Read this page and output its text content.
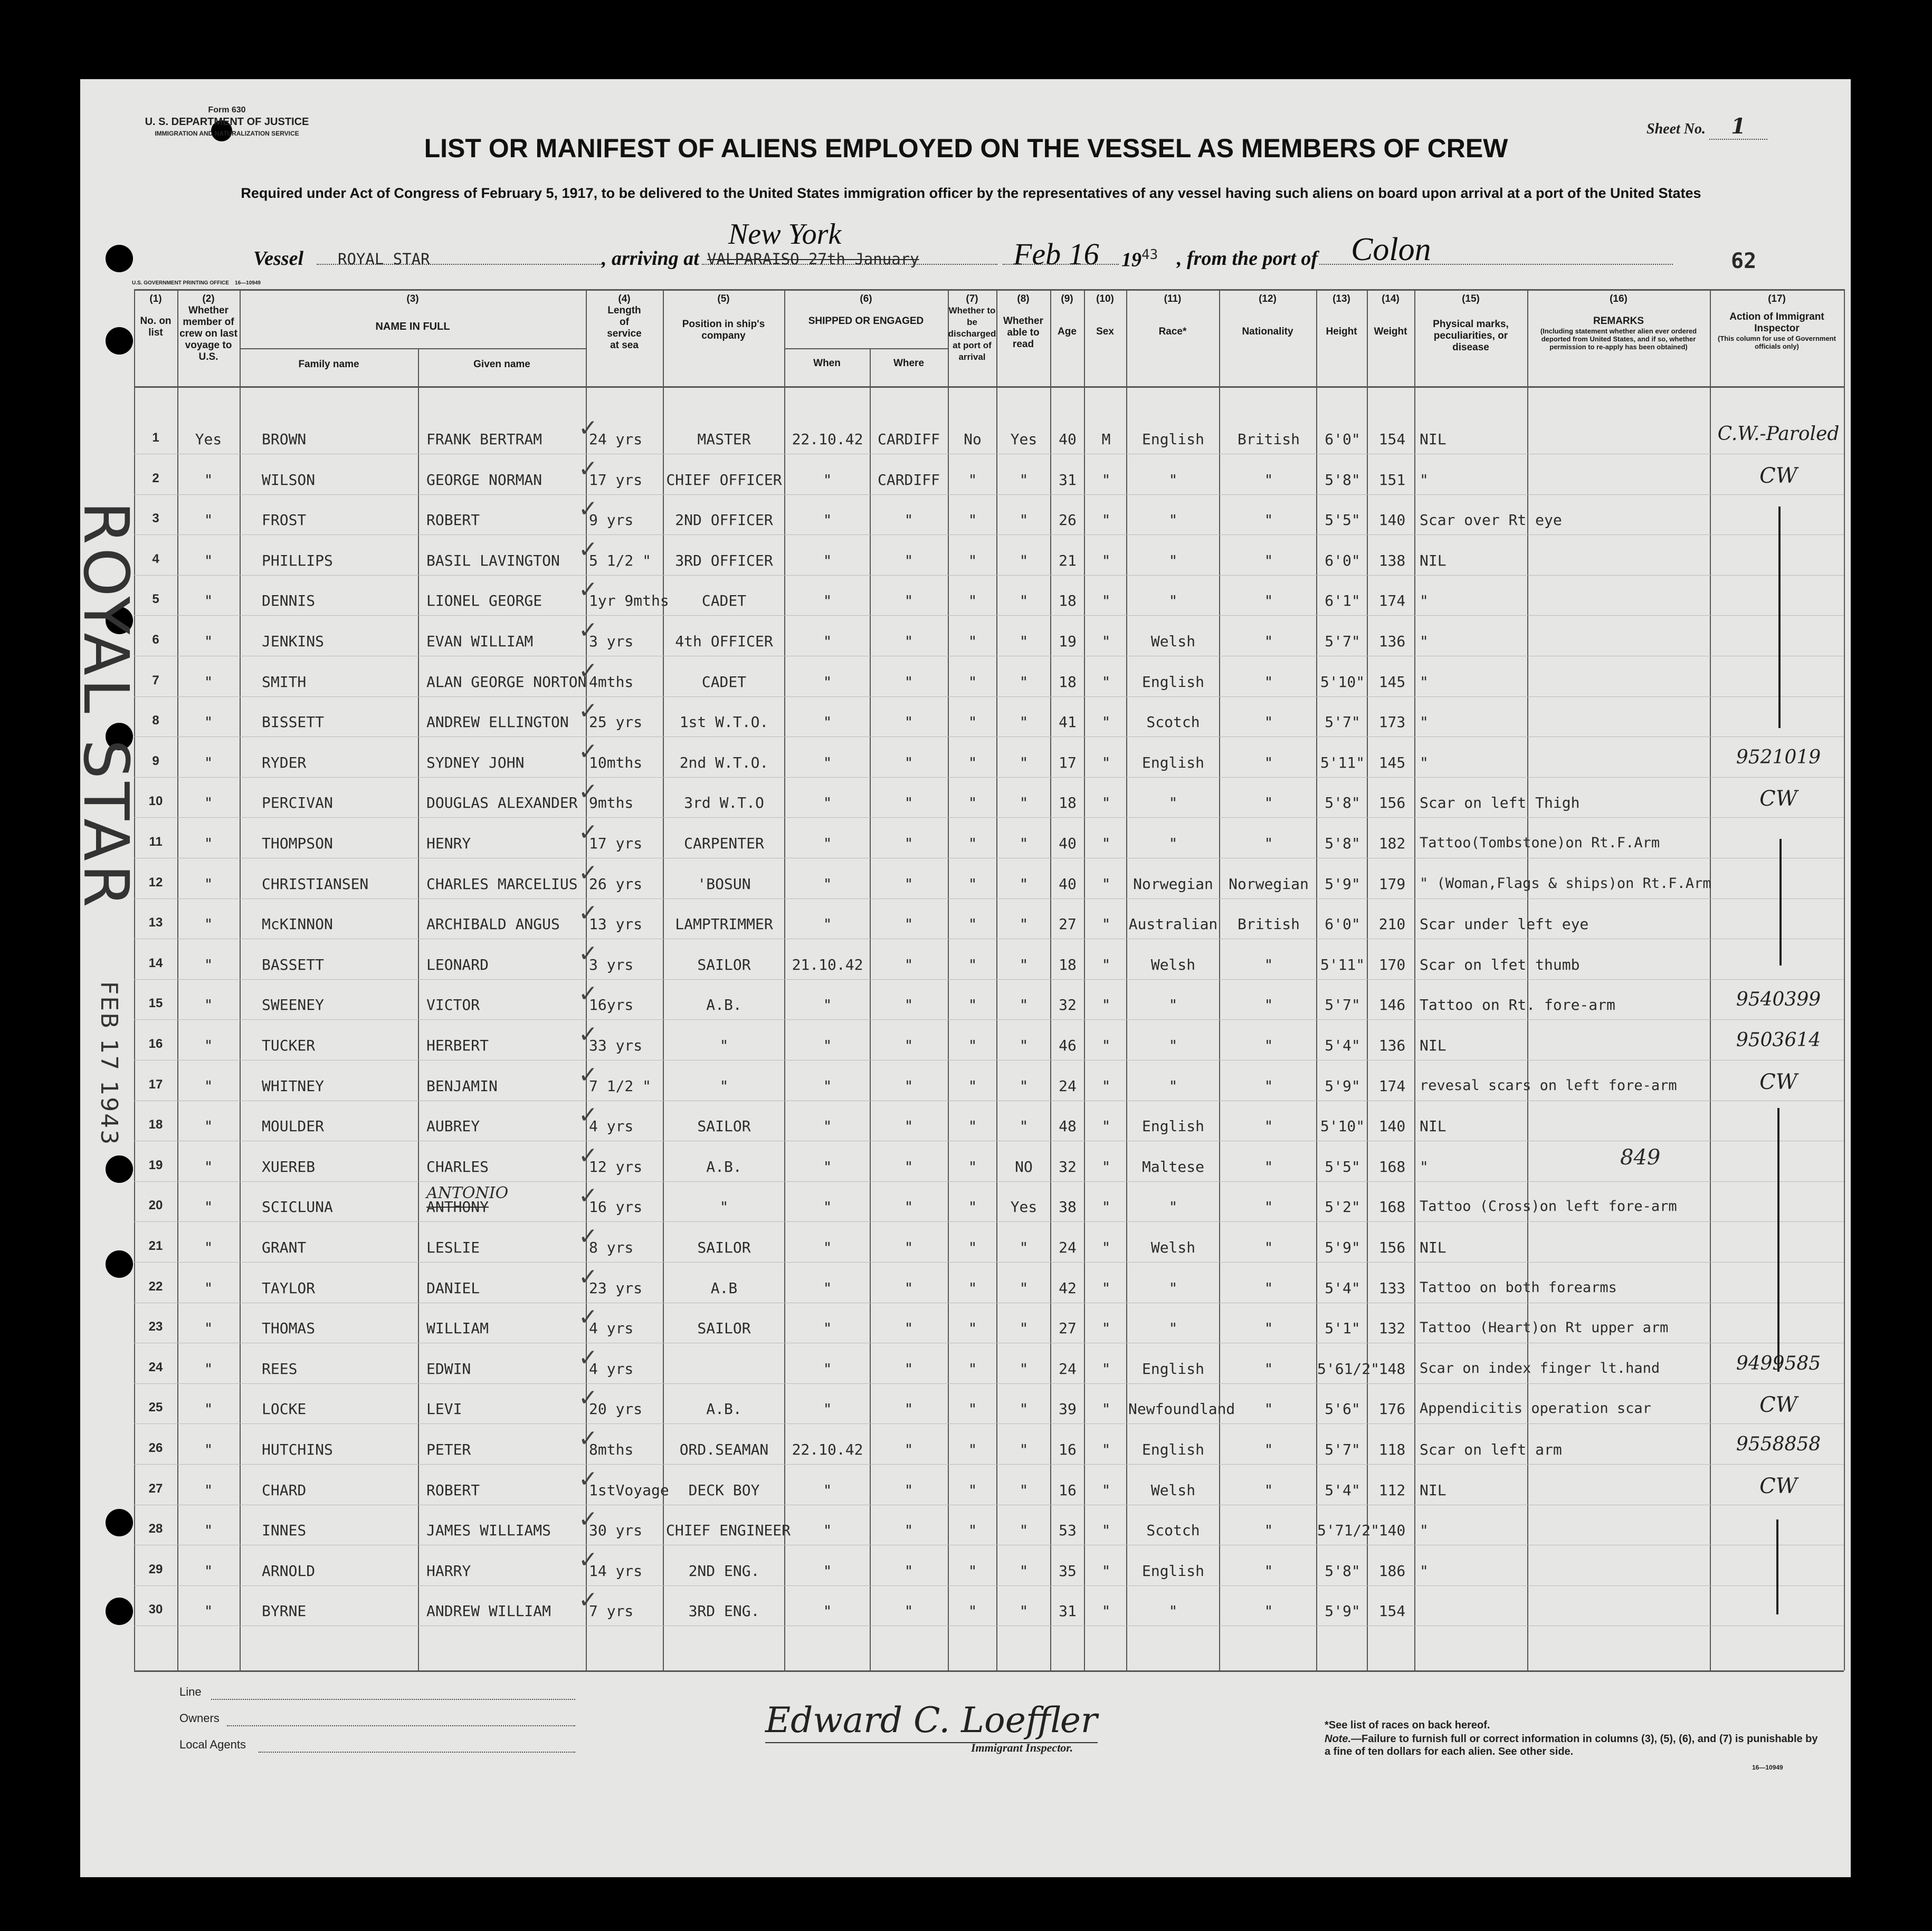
Form 630
U. S. DEPARTMENT OF JUSTICE
IMMIGRATION AND NATURALIZATION SERVICE
U.S. GOVERNMENT PRINTING OFFICE 16—10949
Sheet No. 1
LIST OR MANIFEST OF ALIENS EMPLOYED ON THE VESSEL AS MEMBERS OF CREW
Required under Act of Congress of February 5, 1917, to be delivered to the United States immigration officer by the representatives of any vessel having such aliens on board upon arrival at a port of the United States
Vessel ROYAL STAR	, arriving at VALPARAISO 27th January
New York
Feb 16 $19^{43}$ , from the port of Colon	62
ROYAL STAR
FEB 17 1943
(1)
No. on list
(2)
Whether member of crew on last voyage to U.S.
(3)
NAME IN FULL
Family name	Given name
(4)
Length of service at sea
(5)
Position in ship's company
(6)
SHIPPED OR ENGAGED
When	Where
(7)
Whether to be discharged at port of arrival
(8)
Whether able to read
(9)
Age
(10)
Sex
(11)
Race*
(12)
Nationality
(13)
Height
(14)
Weight
(15)
Physical marks, peculiarities, or disease
(16)
REMARKS
(Including statement whether alien ever ordered deported from United States, and if so, whether permission to re-apply has been obtained)
(17)
Action of Immigrant Inspector
(This column for use of Government officials only)
1	Yes	BROWN	FRANK BERTRAM	24 yrs	MASTER	22.10.42 CARDIFF	No	Yes	40	M	English	British	6'0"	154 NIL	C.W.-Paroled
✓
2	"	WILSON	GEORGE NORMAN	17 yrs CHIEF OFFICER	"	CARDIFF	"	"	31	"	"	"	5'8"	151 "	CW
✓
3	"	FROST	ROBERT	9 yrs	2ND OFFICER	"	"	"	"	26	"	"	"	5'5"	140 Scar over Rt eye
✓
4	"	PHILLIPS	BASIL LAVINGTON 5 1/2 "	3RD OFFICER	"	"	"	"	21	"	"	"	6'0"	138 NIL
✓
5	"	DENNIS	LIONEL GEORGE	1yr 9mths	CADET	"	"	"	"	18	"	"	"	6'1"	174 "
✓
6	"	JENKINS	EVAN WILLIAM	3 yrs	4th OFFICER	"	"	"	"	19	"	Welsh	"	5'7"	136 "
✓
7	"	SMITH	ALAN GEORGE NORTON 4mths	CADET	"	"	"	"	18	"	English	"	5'10" 145 "
✓
8	"	BISSETT	ANDREW ELLINGTON 25 yrs	1st W.T.O.	"	"	"	"	41	"	Scotch	"	5'7"	173 "
✓
9	"	RYDER	SYDNEY JOHN	10mths	2nd W.T.O.	"	"	"	"	17	"	English	"	5'11" 145 "	9521019
✓
10	"	PERCIVAN	DOUGLAS ALEXANDER 9mths	3rd W.T.O	"	"	"	"	18	"	"	"	5'8"	156 Scar on left Thigh	CW
✓
11	"	THOMPSON	HENRY	17 yrs	CARPENTER	"	"	"	"	40	"	"	"	5'8"	182 Tattoo(Tombstone)on Rt.F.Arm
✓
12	"	CHRISTIANSEN	CHARLES MARCELIUS 26 yrs	'BOSUN	"	"	"	"	40	"	Norwegian	Norwegian	5'9"	179 " (Woman,Flags & ships)on Rt.F.Arm
✓
13	"	McKINNON	ARCHIBALD ANGUS 13 yrs	LAMPTRIMMER	"	"	"	"	27	"	Australian	British	6'0"	210 Scar under left eye
✓
14	"	BASSETT	LEONARD	3 yrs	SAILOR	21.10.42	"	"	"	18	"	Welsh	"	5'11" 170 Scar on lfet thumb
✓
15	"	SWEENEY	VICTOR	16yrs	A.B.	"	"	"	"	32	"	"	"	5'7"	146 Tattoo on Rt. fore-arm	9540399
✓
16	"	TUCKER	HERBERT	33 yrs	"	"	"	"	"	46	"	"	"	5'4"	136 NIL	9503614
✓
17	"	WHITNEY	BENJAMIN	7 1/2 "	"	"	"	"	"	24	"	"	"	5'9"	174 revesal scars on left fore-arm	CW
✓
18	"	MOULDER	AUBREY	4 yrs	SAILOR	"	"	"	"	48	"	English	"	5'10" 140 NIL
✓
19	"	XUEREB	CHARLES	12 yrs	A.B.	"	"	"	NO	32	"	Maltese	"	5'5"	168 "	849
✓
20	"	SCICLUNA	ANTHONY	16 yrs	"	"	"	"	Yes	38	"	"	"	5'2"	168 Tattoo (Cross)on left fore-arm
✓
21	"	GRANT	LESLIE	8 yrs	SAILOR	"	"	"	"	24	"	Welsh	"	5'9"	156 NIL
✓
22	"	TAYLOR	DANIEL	23 yrs	A.B	"	"	"	"	42	"	"	"	5'4"	133 Tattoo on both forearms
✓
23	"	THOMAS	WILLIAM	4 yrs	SAILOR	"	"	"	"	27	"	"	"	5'1"	132 Tattoo (Heart)on Rt upper arm
✓
24	"	REES	EDWIN	4 yrs	"	"	"	"	24	"	English	"	5'61/2"
148 Scar on index finger lt.hand	9499585
✓
25	"	LOCKE	LEVI	20 yrs	A.B.	"	"	"	"	39	"	Newfoundland	"	5'6"	176 Appendicitis operation scar	CW
✓
26	"	HUTCHINS	PETER	8mths	ORD.SEAMAN	22.10.42	"	"	"	16	"	English	"	5'7"	118 Scar on left arm	9558858
✓
27	"	CHARD	ROBERT	1stVoyage	DECK BOY	"	"	"	"	16	"	Welsh	"	5'4"	112 NIL	CW
✓
28	"	INNES	JAMES WILLIAMS	30 yrs CHIEF ENGINEER	"	"	"	"	53	"	Scotch	"	5'71/2"
140 "
✓
29	"	ARNOLD	HARRY	14 yrs	2ND ENG.	"	"	"	"	35	"	English	"	5'8"	186 "
✓
30	"	BYRNE	ANDREW WILLIAM	7 yrs	3RD ENG.	"	"	"	"	31	"	"	"	5'9"	154
✓
ANTONIO
Line
Owners
Local Agents
Edward C. Loeffler
Immigrant Inspector.
*See list of races on back hereof.
Note.—Failure to furnish full or correct information in columns (3), (5), (6), and (7) is punishable by a fine of ten dollars for each alien. See other side.
16—10949
